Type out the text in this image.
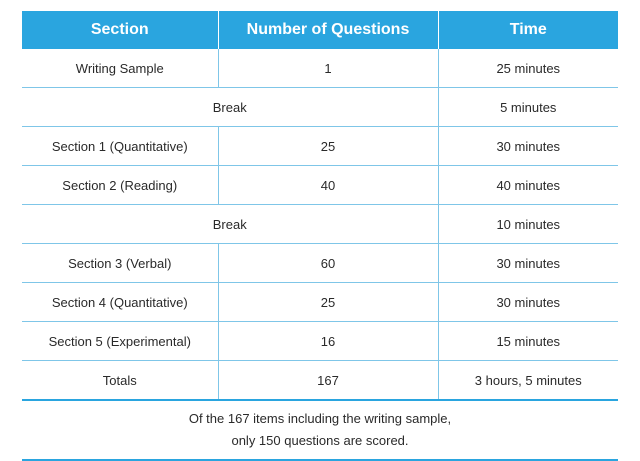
Section	Number of Questions	Time
Writing Sample	1	25 minutes
Break		5 minutes
Section 1 (Quantitative)	25	30 minutes
Section 2 (Reading)	40	40 minutes
Break		10 minutes
Section 3 (Verbal)	60	30 minutes
Section 4 (Quantitative)	25	30 minutes
Section 5 (Experimental)	16	15 minutes
Totals	167	3 hours, 5 minutes
Of the 167 items including the writing sample,
only 150 questions are scored.		
